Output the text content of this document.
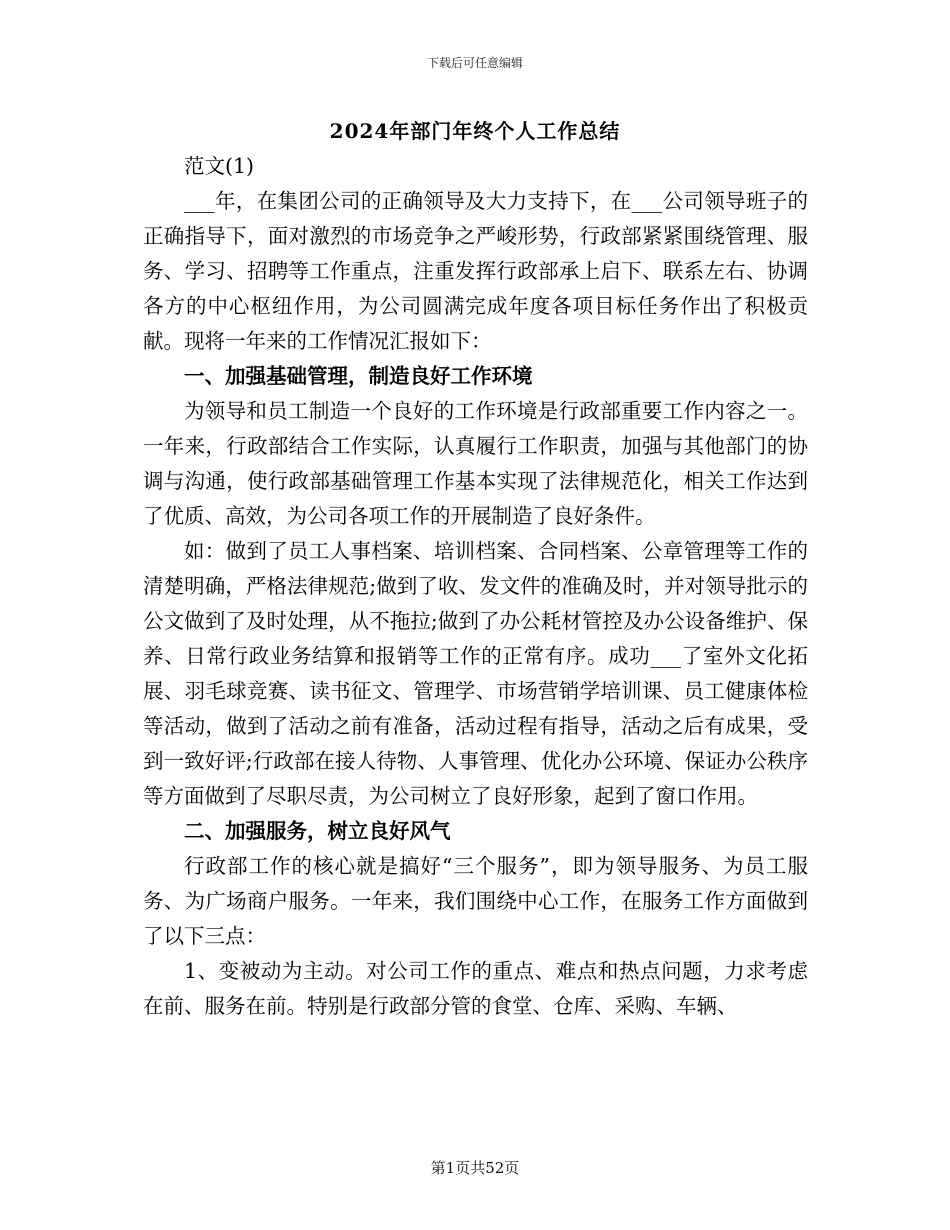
下载后可任意编辑
2024年部门年终个人工作总结

范文(1)

___年，在集团公司的正确领导及大力支持下，在___公司领导班子的正确指导下，面对激烈的市场竞争之严峻形势，行政部紧紧围绕管理、服务、学习、招聘等工作重点，注重发挥行政部承上启下、联系左右、协调各方的中心枢纽作用，为公司圆满完成年度各项目标任务作出了积极贡献。现将一年来的工作情况汇报如下：

一、加强基础管理，制造良好工作环境

为领导和员工制造一个良好的工作环境是行政部重要工作内容之一。一年来，行政部结合工作实际，认真履行工作职责，加强与其他部门的协调与沟通，使行政部基础管理工作基本实现了法律规范化，相关工作达到了优质、高效，为公司各项工作的开展制造了良好条件。

如：做到了员工人事档案、培训档案、合同档案、公章管理等工作的清楚明确，严格法律规范;做到了收、发文件的准确及时，并对领导批示的公文做到了及时处理，从不拖拉;做到了办公耗材管控及办公设备维护、保养、日常行政业务结算和报销等工作的正常有序。成功___了室外文化拓展、羽毛球竞赛、读书征文、管理学、市场营销学培训课、员工健康体检等活动，做到了活动之前有准备，活动过程有指导，活动之后有成果，受到一致好评;行政部在接人待物、人事管理、优化办公环境、保证办公秩序等方面做到了尽职尽责，为公司树立了良好形象，起到了窗口作用。

二、加强服务，树立良好风气

行政部工作的核心就是搞好“三个服务”，即为领导服务、为员工服务、为广场商户服务。一年来，我们围绕中心工作，在服务工作方面做到了以下三点：

1、变被动为主动。对公司工作的重点、难点和热点问题，力求考虑在前、服务在前。特别是行政部分管的食堂、仓库、采购、车辆、

第1页共52页
